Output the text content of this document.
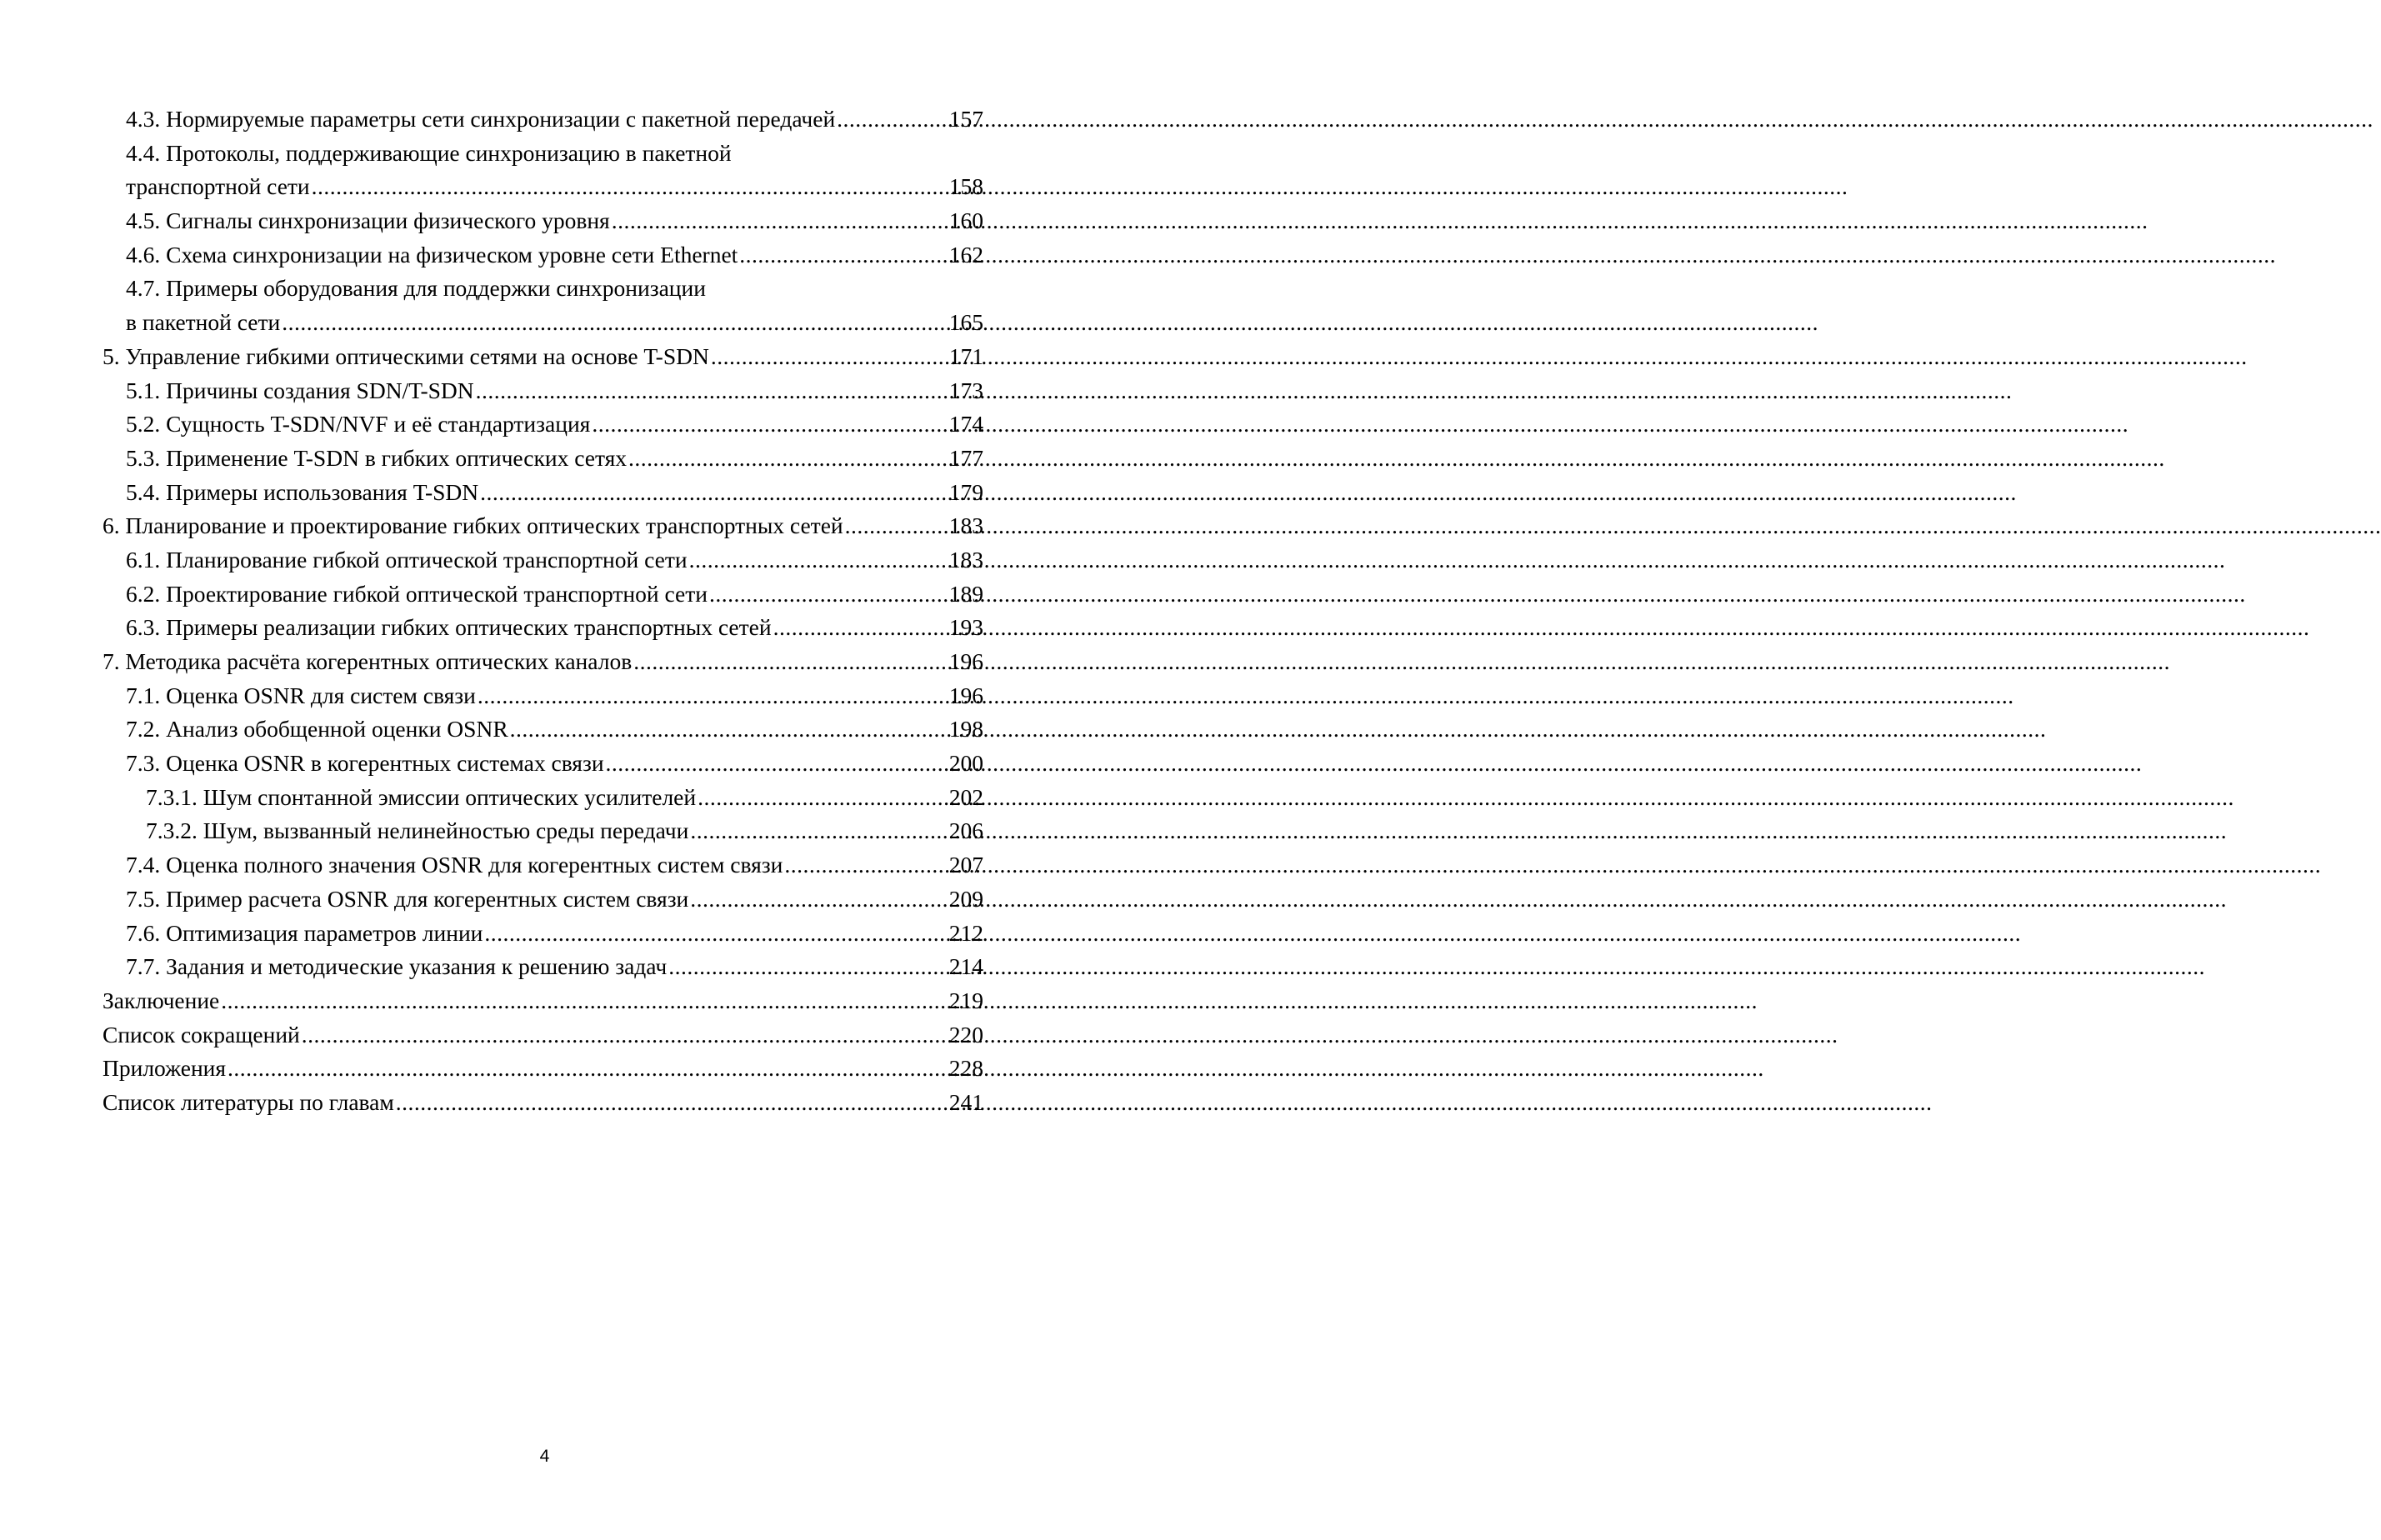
4.3. Нормируемые параметры сети синхронизации с пакетной передачей .....	157
4.4. Протоколы, поддерживающие синхронизацию в пакетной
транспортной сети .....	158
4.5. Сигналы синхронизации физического уровня .....	160
4.6. Схема синхронизации на физическом уровне сети Ethernet .....	162
4.7. Примеры оборудования для поддержки синхронизации
в пакетной сети .....	165
5. Управление гибкими оптическими сетями на основе T-SDN .....	171
5.1. Причины создания SDN/T-SDN .....	173
5.2. Сущность T-SDN/NVF и её стандартизация .....	174
5.3. Применение T-SDN в гибких оптических сетях .....	177
5.4. Примеры использования T-SDN .....	179
6. Планирование и проектирование гибких оптических транспортных сетей .....	183
6.1. Планирование гибкой оптической транспортной сети .....	183
6.2. Проектирование гибкой оптической транспортной сети .....	189
6.3. Примеры реализации гибких оптических транспортных сетей .....	193
7. Методика расчёта когерентных оптических каналов .....	196
7.1. Оценка OSNR для систем связи .....	196
7.2. Анализ обобщенной оценки OSNR .....	198
7.3. Оценка OSNR в когерентных системах связи .....	200
7.3.1. Шум спонтанной эмиссии оптических усилителей .....	202
7.3.2. Шум, вызванный нелинейностью среды передачи .....	206
7.4. Оценка полного значения OSNR для когерентных систем связи .....	207
7.5. Пример расчета OSNR для когерентных систем связи .....	209
7.6. Оптимизация параметров линии .....	212
7.7. Задания и методические указания к решению задач .....	214
Заключение .....	219
Список сокращений .....	220
Приложения .....	228
Список литературы по главам .....	241
4
